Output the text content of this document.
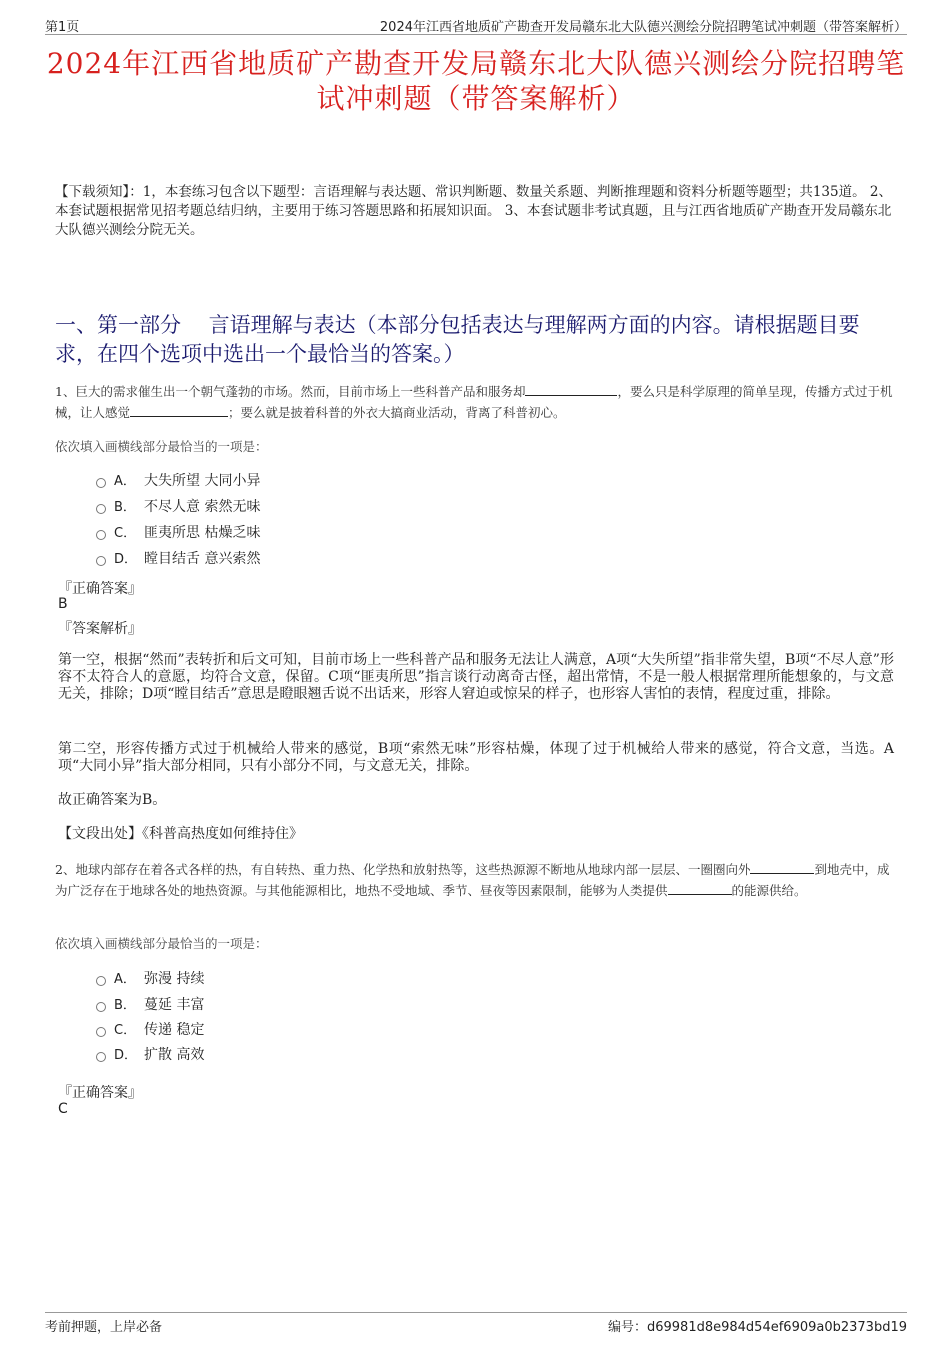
第1页	2024年江西省地质矿产勘查开发局赣东北大队德兴测绘分院招聘笔试冲刺题（带答案解析）
2024年江西省地质矿产勘查开发局赣东北大队德兴测绘分院招聘笔试冲刺题（带答案解析）
【下载须知】：1，本套练习包含以下题型：言语理解与表达题、常识判断题、数量关系题、判断推理题和资料分析题等题型；共135道。 2、本套试题根据常见招考题总结归纳，主要用于练习答题思路和拓展知识面。 3、本套试题非考试真题，且与江西省地质矿产勘查开发局赣东北大队德兴测绘分院无关。
一、第一部分　 言语理解与表达（本部分包括表达与理解两方面的内容。请根据题目要求，在四个选项中选出一个最恰当的答案。）
1、巨大的需求催生出一个朝气蓬勃的市场。然而，目前市场上一些科普产品和服务却	，要么只是科学原理的简单呈现，传播方式过于机械，让人感觉	；要么就是披着科普的外衣大搞商业活动，背离了科普初心。
依次填入画横线部分最恰当的一项是：
A． 大失所望 大同小异
B． 不尽人意 索然无味
C． 匪夷所思 枯燥乏味
D． 瞠目结舌 意兴索然
『正确答案』
B
『答案解析』
第一空，根据“然而”表转折和后文可知，目前市场上一些科普产品和服务无法让人满意，A项“大失所望”指非常失望，B项“不尽人意”形容不太符合人的意愿，均符合文意，保留。C项“匪夷所思”指言谈行动离奇古怪，超出常情，不是一般人根据常理所能想象的，与文意无关，排除；D项“瞠目结舌”意思是瞪眼翘舌说不出话来，形容人窘迫或惊呆的样子，也形容人害怕的表情，程度过重，排除。
第二空，形容传播方式过于机械给人带来的感觉，B项“索然无味”形容枯燥，体现了过于机械给人带来的感觉，符合文意，当选。A项“大同小异”指大部分相同，只有小部分不同，与文意无关，排除。
故正确答案为B。
【文段出处】《科普高热度如何维持住》
2、地球内部存在着各式各样的热，有自转热、重力热、化学热和放射热等，这些热源源不断地从地球内部一层层、一圈圈向外	到地壳中，成为广泛存在于地球各处的地热资源。与其他能源相比，地热不受地域、季节、昼夜等因素限制，能够为人类提供	的能源供给。
依次填入画横线部分最恰当的一项是：
A． 弥漫 持续
B． 蔓延 丰富
C． 传递 稳定
D． 扩散 高效
『正确答案』
C
考前押题，上岸必备	编号：d69981d8e984d54ef6909a0b2373bd19
